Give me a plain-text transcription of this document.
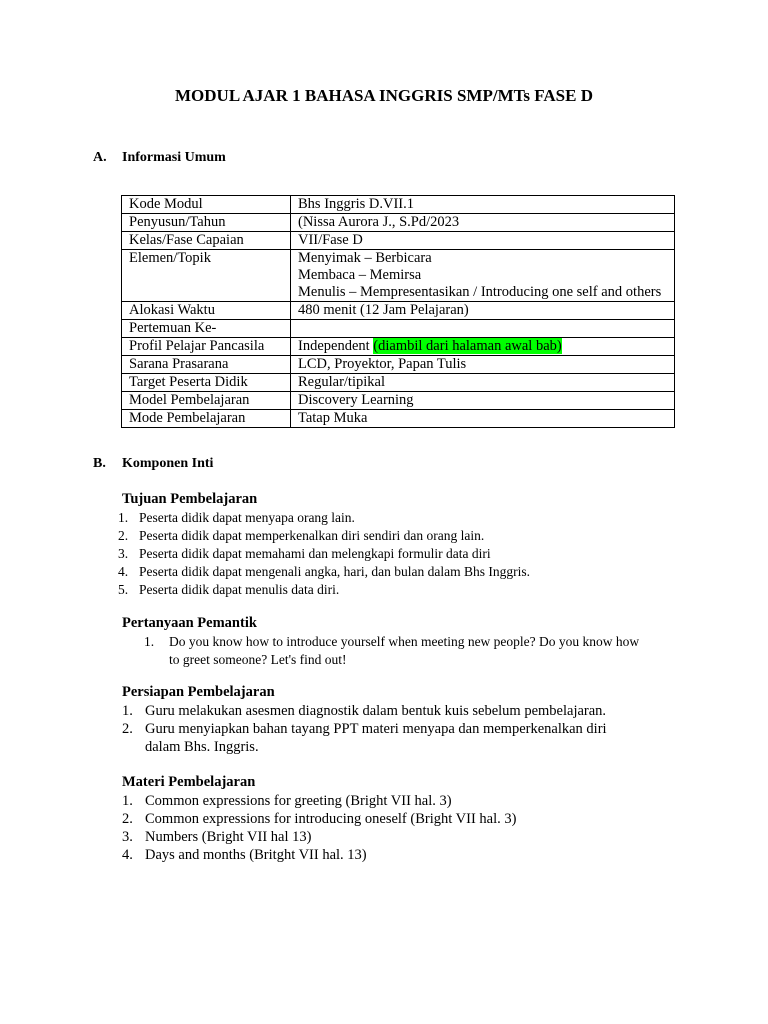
MODUL AJAR 1 BAHASA INGGRIS SMP/MTs FASE D
A. Informasi Umum
Kode Modul	Bhs Inggris D.VII.1

Penyusun/Tahun	(Nissa Aurora J., S.Pd/2023

Kelas/Fase Capaian	VII/Fase D

Elemen/Topik	Menyimak – Berbicara
Membaca – Memirsa
Menulis – Mempresentasikan / Introducing one self and others

Alokasi Waktu	480 menit (12 Jam Pelajaran)

Pertemuan Ke-	

Profil Pelajar Pancasila	Independent (diambil dari halaman awal bab)

Sarana Prasarana	LCD, Proyektor, Papan Tulis

Target Peserta Didik	Regular/tipikal

Model Pembelajaran	Discovery Learning

Mode Pembelajaran	Tatap Muka
B. Komponen Inti
Tujuan Pembelajaran
1. Peserta didik dapat menyapa orang lain.
2. Peserta didik dapat memperkenalkan diri sendiri dan orang lain.
3. Peserta didik dapat memahami dan melengkapi formulir data diri
4. Peserta didik dapat mengenali angka, hari, dan bulan dalam Bhs Inggris.
5. Peserta didik dapat menulis data diri.
Pertanyaan Pemantik
1. Do you know how to introduce yourself when meeting new people? Do you know how to greet someone? Let's find out!
Persiapan Pembelajaran
1. Guru melakukan asesmen diagnostik dalam bentuk kuis sebelum pembelajaran.
2. Guru menyiapkan bahan tayang PPT materi menyapa dan memperkenalkan diri dalam Bhs. Inggris.
Materi Pembelajaran
1. Common expressions for greeting (Bright VII hal. 3)
2. Common expressions for introducing oneself (Bright VII hal. 3)
3. Numbers (Bright VII hal 13)
4. Days and months (Britght VII hal. 13)
